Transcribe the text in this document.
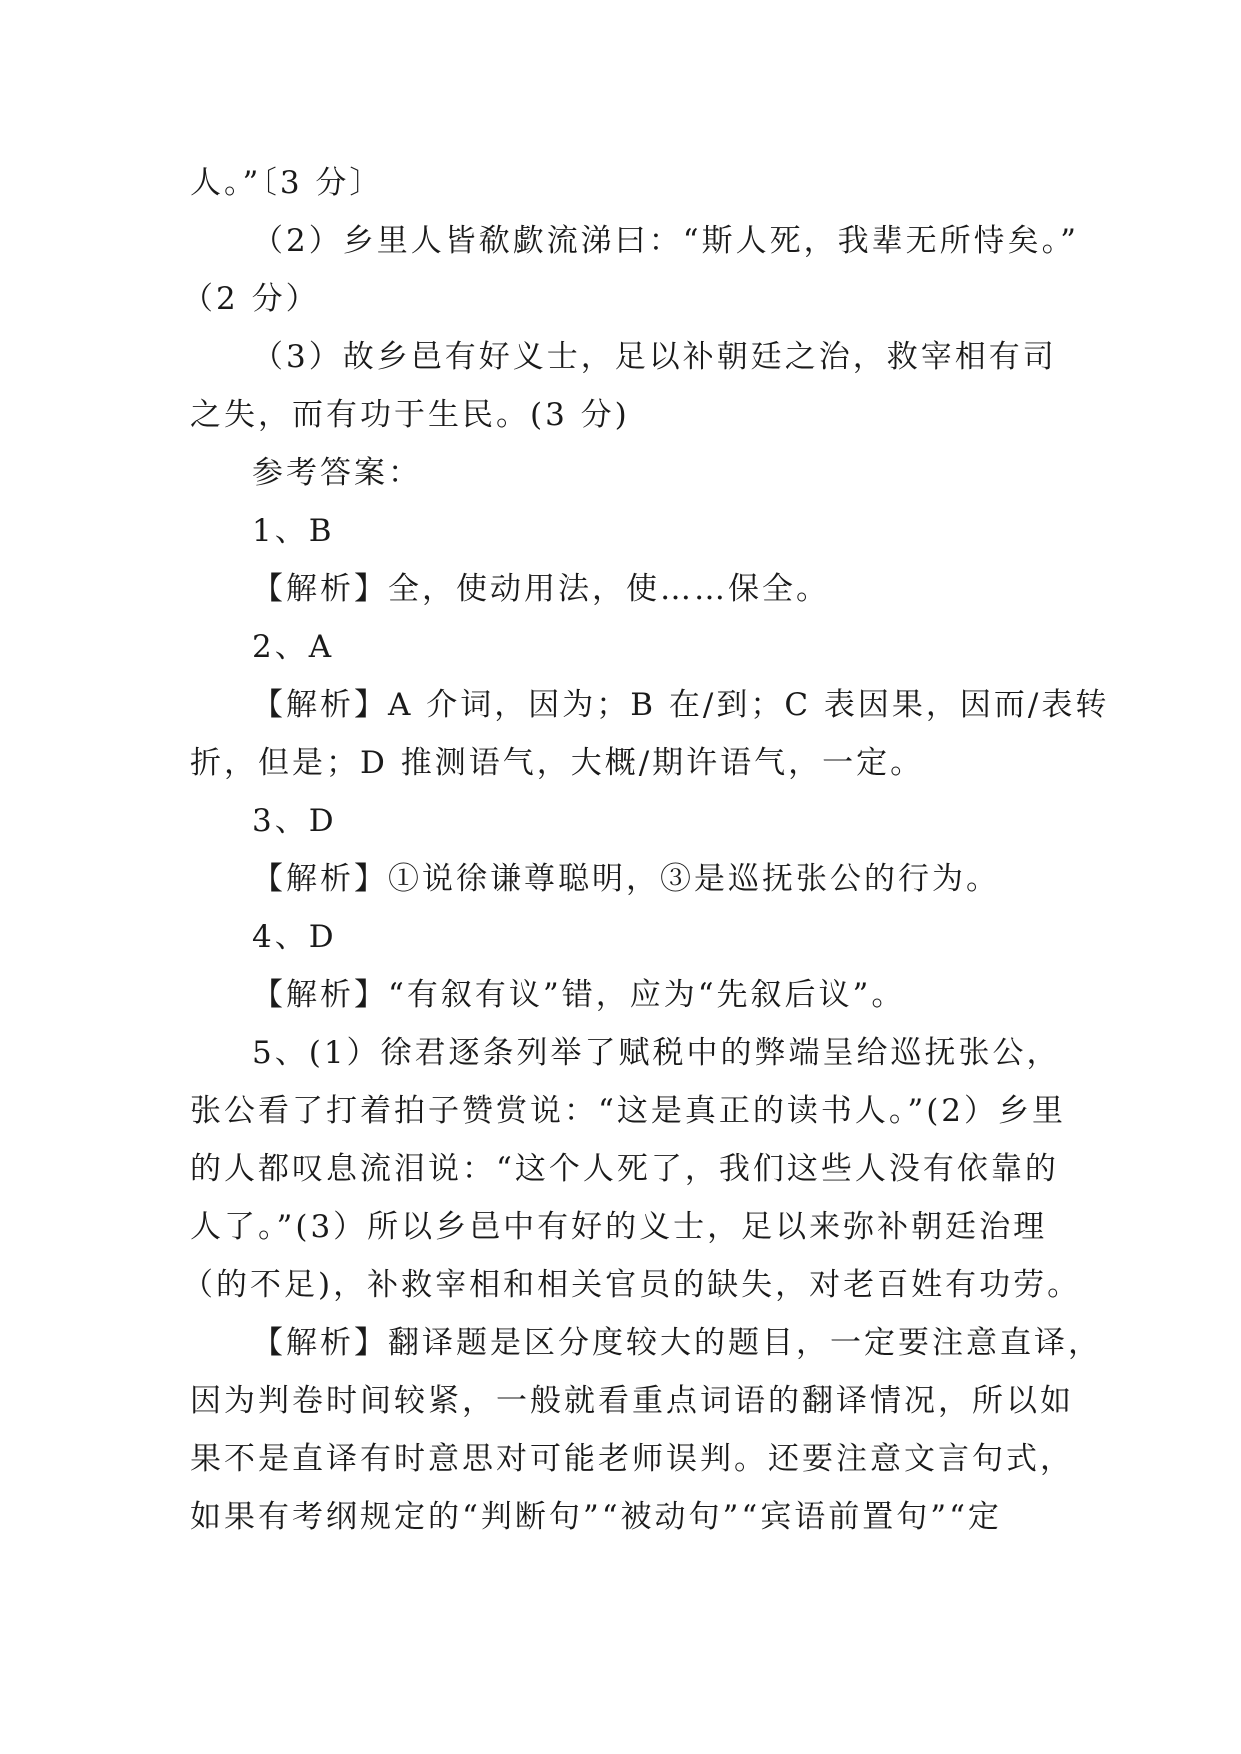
人。”〔3 分〕
（2）乡里人皆欷歔流涕曰：“斯人死，我辈无所恃矣。”
（2 分）
（3）故乡邑有好义士，足以补朝廷之治，救宰相有司
之失，而有功于生民。(3 分)
参考答案：
1、B
【解析】全，使动用法，使……保全。
2、A
【解析】A 介词，因为；B 在/到；C 表因果，因而/表转
折，但是；D 推测语气，大概/期许语气，一定。
3、D
【解析】①说徐谦尊聪明，③是巡抚张公的行为。
4、D
【解析】“有叙有议”错，应为“先叙后议”。
5、(1）徐君逐条列举了赋税中的弊端呈给巡抚张公，
张公看了打着拍子赞赏说：“这是真正的读书人。”(2）乡里
的人都叹息流泪说：“这个人死了，我们这些人没有依靠的
人了。”(3）所以乡邑中有好的义士，足以来弥补朝廷治理
（的不足)，补救宰相和相关官员的缺失，对老百姓有功劳。
【解析】翻译题是区分度较大的题目，一定要注意直译，
因为判卷时间较紧，一般就看重点词语的翻译情况，所以如
果不是直译有时意思对可能老师误判。还要注意文言句式，
如果有考纲规定的“判断句”“被动句”“宾语前置句”“定
